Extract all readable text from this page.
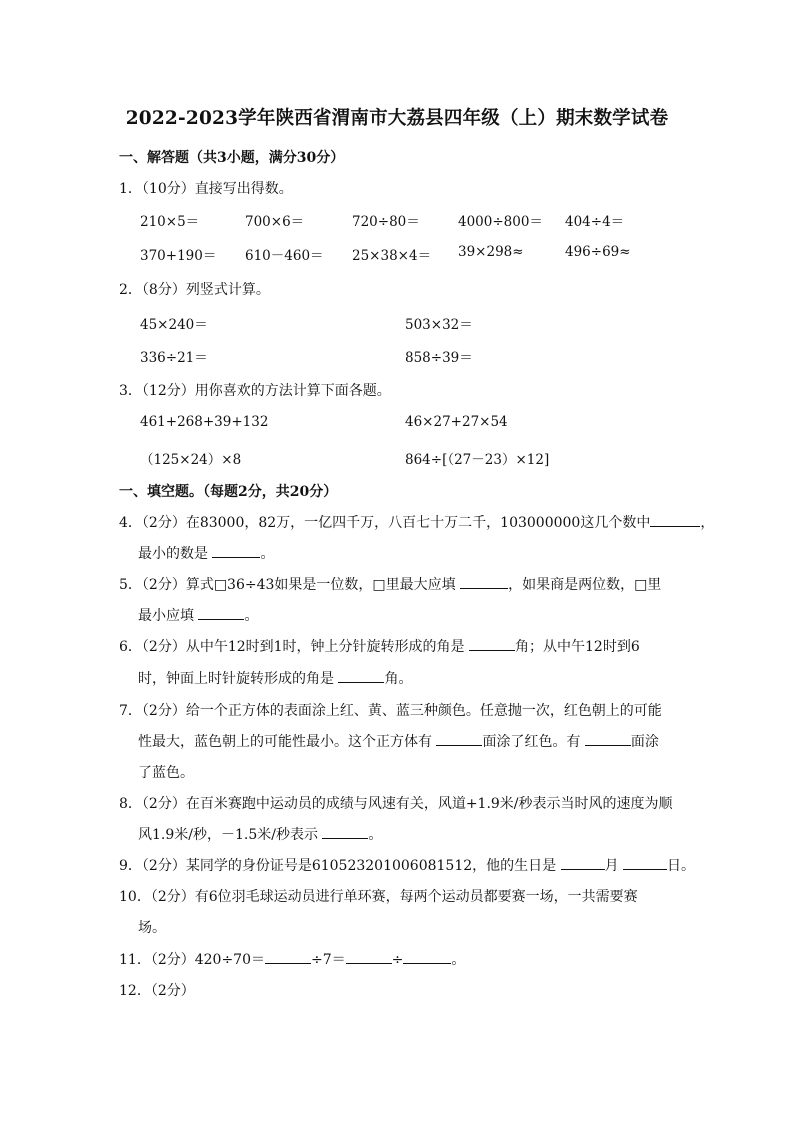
2022-2023学年陕西省渭南市大荔县四年级（上）期末数学试卷
一、解答题（共3小题，满分30分）
1．（10分）直接写出得数。
210×5＝	700×6＝	720÷80＝	4000÷800＝ 404÷4＝
370+190＝ 610－460＝ 25×38×4＝ 39×298≈	496÷69≈
2．（8分）列竖式计算。
45×240＝	503×32＝
336÷21＝	858÷39＝
3．（12分）用你喜欢的方法计算下面各题。
461+268+39+132	46×27+27×54
（125×24）×8	864÷[（27－23）×12]
一、填空题。（每题2分，共20分）
4．（2分）在83000，82万，一亿四千万，八百七十万二千，103000000这几个数中	，
最小的数是	。
5．（2分）算式□36÷43如果是一位数，□里最大应填	，如果商是两位数，□里
最小应填	。
6．（2分）从中午12时到1时，钟上分针旋转形成的角是	角；从中午12时到6
时，钟面上时针旋转形成的角是	角。
7．（2分）给一个正方体的表面涂上红、黄、蓝三种颜色。任意抛一次，红色朝上的可能
性最大，蓝色朝上的可能性最小。这个正方体有	面涂了红色。有	面涂
了蓝色。
8．（2分）在百米赛跑中运动员的成绩与风速有关，风道+1.9米/秒表示当时风的速度为顺
风1.9米/秒，－1.5米/秒表示	。
9．（2分）某同学的身份证号是610523201006081512，他的生日是	月	日。
10．（2分）有6位羽毛球运动员进行单环赛，每两个运动员都要赛一场，一共需要赛
场。
11．（2分）420÷70＝	÷7＝	÷	。
12．（2分）
